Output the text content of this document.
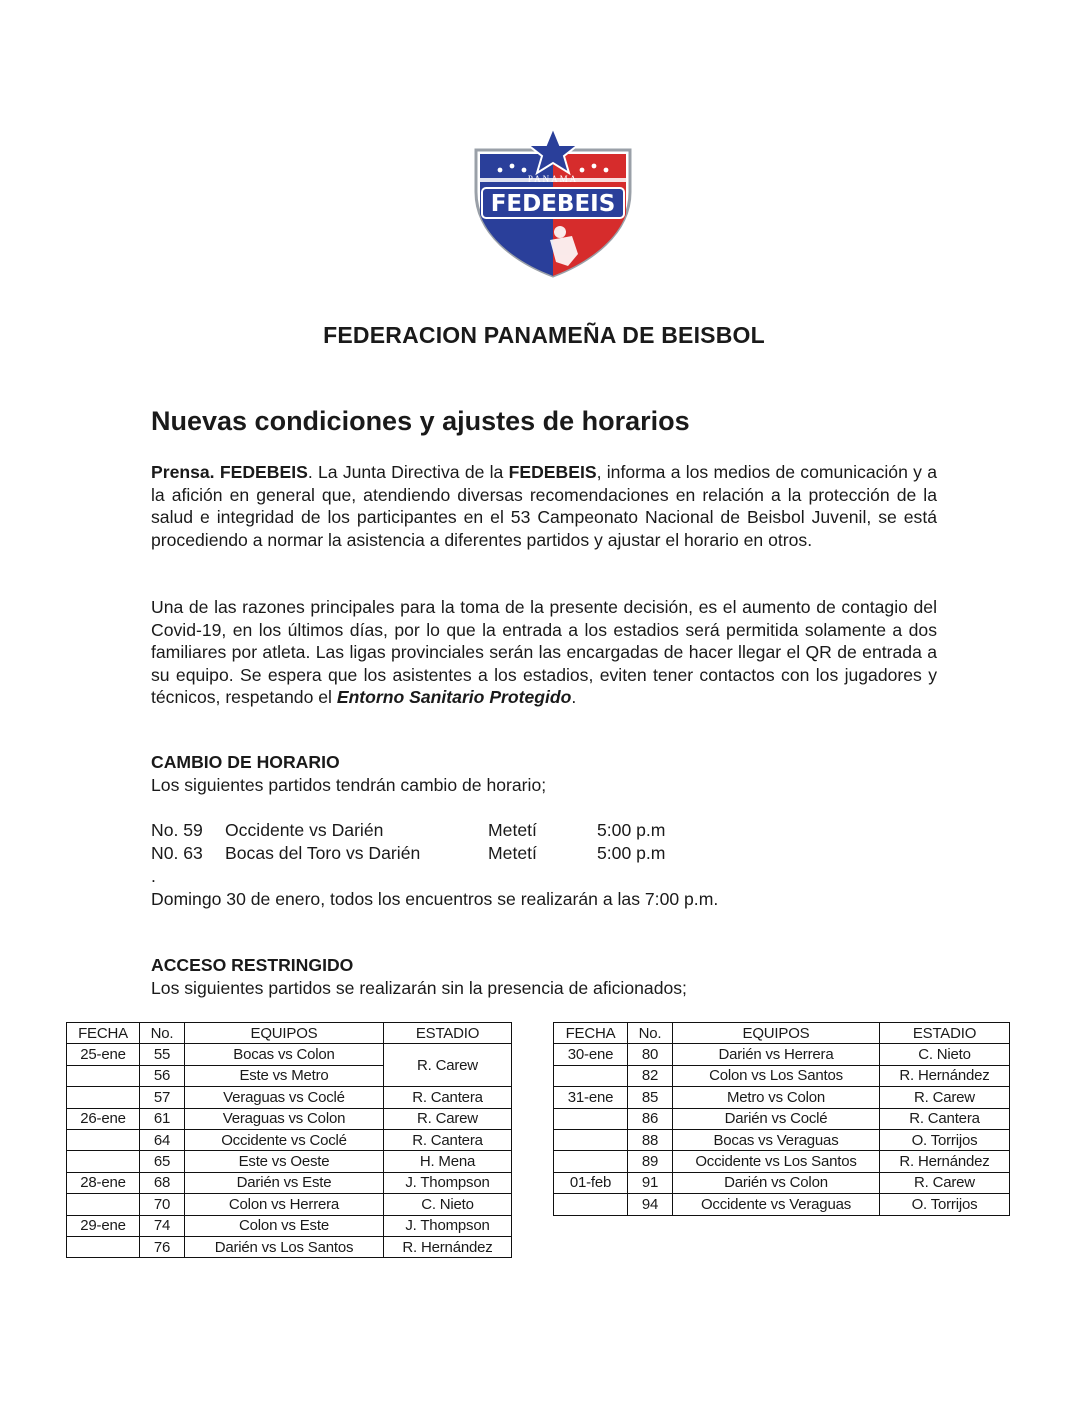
PANAMA
FEDEBEIS
FEDERACION PANAMEÑA DE BEISBOL
Nuevas condiciones y ajustes de horarios

Prensa. FEDEBEIS. La Junta Directiva de la FEDEBEIS, informa a los medios de comunicación y a la afición en general que, atendiendo diversas recomendaciones en relación a la protección de la salud e integridad de los participantes en el 53 Campeonato Nacional de Beisbol Juvenil, se está procediendo a normar la asistencia a diferentes partidos y ajustar el horario en otros.

Una de las razones principales para la toma de la presente decisión, es el aumento de contagio del Covid-19, en los últimos días, por lo que la entrada a los estadios será permitida solamente a dos familiares por atleta. Las ligas provinciales serán las encargadas de hacer llegar el QR de entrada a su equipo. Se espera que los asistentes a los estadios, eviten tener contactos con los jugadores y técnicos, respetando el Entorno Sanitario Protegido.

CAMBIO DE HORARIO
Los siguientes partidos tendrán cambio de horario;
No. 59 Occidente vs Darién	Metetí	5:00 p.m
N0. 63 Bocas del Toro vs Darién	Metetí	5:00 p.m
.
Domingo 30 de enero, todos los encuentros se realizarán a las 7:00 p.m.
ACCESO RESTRINGIDO
Los siguientes partidos se realizarán sin la presencia de aficionados;
FECHA	No.	EQUIPOS	ESTADIO
25-ene	55	Bocas vs Colon	R. Carew
	56	Este vs Metro	
	57	Veraguas vs Coclé	R. Cantera
26-ene	61	Veraguas vs Colon	R. Carew
	64	Occidente vs Coclé	R. Cantera
	65	Este vs Oeste	H. Mena
28-ene	68	Darién vs Este	J. Thompson
	70	Colon vs Herrera	C. Nieto
29-ene	74	Colon vs Este	J. Thompson
	76	Darién vs Los Santos	R. Hernández
FECHA	No.	EQUIPOS	ESTADIO
30-ene	80	Darién vs Herrera	C. Nieto
	82	Colon vs Los Santos	R. Hernández
31-ene	85	Metro vs Colon	R. Carew
	86	Darién vs Coclé	R. Cantera
	88	Bocas vs Veraguas	O. Torrijos
	89	Occidente vs Los Santos	R. Hernández
01-feb	91	Darién vs Colon	R. Carew
	94	Occidente vs Veraguas	O. Torrijos
